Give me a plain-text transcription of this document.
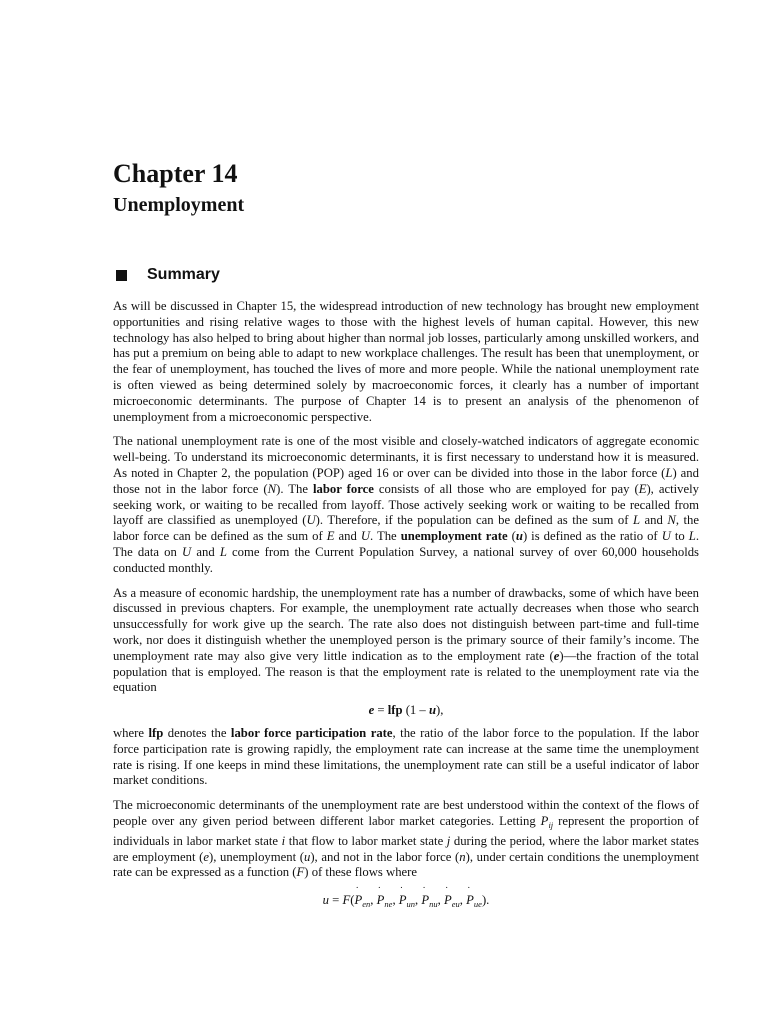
Chapter 14
Unemployment
Summary

As will be discussed in Chapter 15, the widespread introduction of new technology has brought new employment opportunities and rising relative wages to those with the highest levels of human capital. However, this new technology has also helped to bring about higher than normal job losses, particularly among unskilled workers, and has put a premium on being able to adapt to new workplace challenges. The result has been that unemployment, or the fear of unemployment, has touched the lives of more and more people. While the national unemployment rate is often viewed as being determined solely by macroeconomic forces, it clearly has a number of important microeconomic determinants. The purpose of Chapter 14 is to present an analysis of the phenomenon of unemployment from a microeconomic perspective.

The national unemployment rate is one of the most visible and closely-watched indicators of aggregate economic well-being. To understand its microeconomic determinants, it is first necessary to understand how it is measured. As noted in Chapter 2, the population (POP) aged 16 or over can be divided into those in the labor force (L) and those not in the labor force (N). The labor force consists of all those who are employed for pay (E), actively seeking work, or waiting to be recalled from layoff. Those actively seeking work or waiting to be recalled from layoff are classified as unemployed (U). Therefore, if the population can be defined as the sum of L and N, the labor force can be defined as the sum of E and U. The unemployment rate (u) is defined as the ratio of U to L. The data on U and L come from the Current Population Survey, a national survey of over 60,000 households conducted monthly.

As a measure of economic hardship, the unemployment rate has a number of drawbacks, some of which have been discussed in previous chapters. For example, the unemployment rate actually decreases when those who search unsuccessfully for work give up the search. The rate also does not distinguish between part-time and full-time work, nor does it distinguish whether the unemployed person is the primary source of their family’s income. The unemployment rate may also give very little indication as to the employment rate (e)—the fraction of the total population that is employed. The reason is that the employment rate is related to the unemployment rate via the equation

e = lfp (1 – u),

where lfp denotes the labor force participation rate, the ratio of the labor force to the population. If the labor force participation rate is growing rapidly, the employment rate can increase at the same time the unemployment rate is rising. If one keeps in mind these limitations, the unemployment rate can still be a useful indicator of labor market conditions.

The microeconomic determinants of the unemployment rate are best understood within the context of the flows of people over any given period between different labor market categories. Letting $P_{ij}$ represent the proportion of individuals in labor market state i that flow to labor market state j during the period, where the labor market states are employment (e), unemployment (u), and not in the labor force (n), under certain conditions the unemployment rate can be expressed as a function (F) of these flows where

u = F(˙ $P_{en}$, ˙ $P_{ne}$, ˙ $P_{un}$, ˙ $P_{nu}$, ˙ $P_{eu}$, ˙ $P_{ue}$).
